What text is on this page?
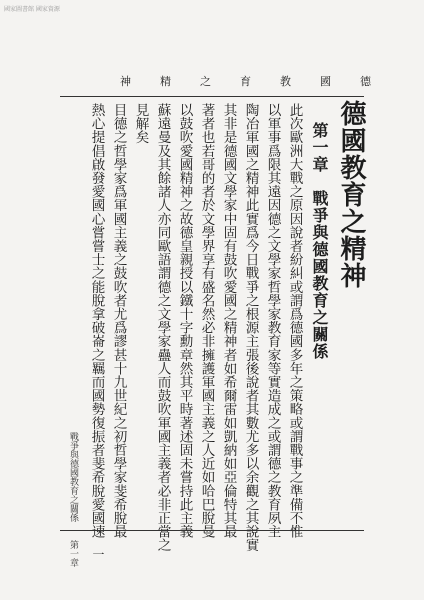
國家圖書館 國家資源
神	精	之	育	教	國	德
德國教育之精神
第一章　戰爭與德國教育之關係
此次歐洲大戰之原因說者紛糾或謂爲德國多年之策略或謂戰事之準備不惟
以軍事爲限其遠因德之文學家哲學家教育家等實造成之或謂德之教育夙主
陶冶軍國之精神此實爲今日戰爭之根源主張後說者其數尤多以余觀之其說實
其非是德國文學家中固有鼓吹愛國之精神者如希爾雷如凱納如亞倫特其最
著者也若哥的者於文學界享有盛名然必非擁護軍國主義之人近如哈巴脫曼
以鼓吹愛國精神之故德皇親授以鐵十字勳章然其平時著述固未嘗持此主義
蘇遠曼及其餘諸人亦同歐語謂德之文學家蠱人而鼓吹軍國主義者必非正當之
見解矣
目德之哲學家爲軍國主義之鼓吹者尤爲謬甚十九世紀之初哲學家斐希脫最
熱心提倡啟發愛國心嘗嘗士之能脫拿破崙之羈而國勢復振者斐希脫愛國速
戰爭與德國教育之關係
第一章 一
